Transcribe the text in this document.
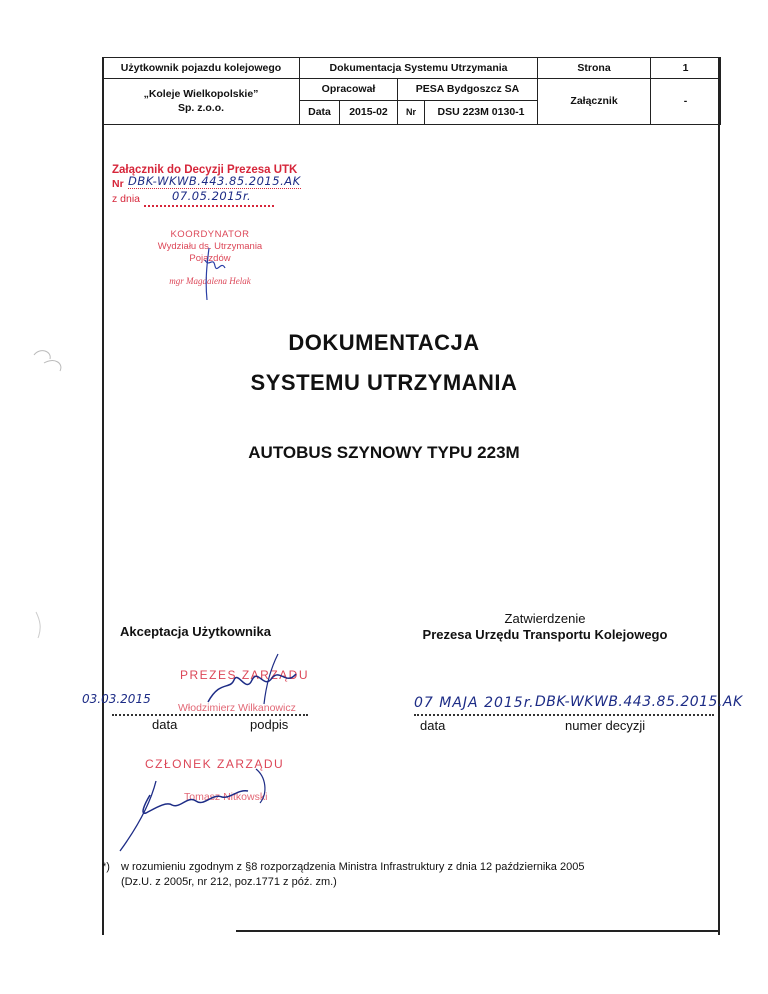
Użytkownik pojazdu kolejowego	Dokumentacja Systemu Utrzymania				Strona	1

„Koleje Wielkopolskie”
Sp. z.o.o.	Opracował		PESA Bydgoszcz SA		Załącznik	-
	Data	2015-02	Nr	DSU 223M 0130-1		
Załącznik do Decyzji Prezesa UTK
Nr DBK-WKWB.443.85.2015.AK
z dnia	07.05.2015r.
KOORDYNATOR
Wydziału ds. Utrzymania
Pojazdów
mgr Magdalena Helak
DOKUMENTACJA
SYSTEMU UTRZYMANIA
AUTOBUS SZYNOWY TYPU 223M
Akceptacja Użytkownika
Zatwierdzenie
Prezesa Urzędu Transportu Kolejowego
PREZES ZARZĄDU
03.03.2015
Włodzimierz Wilkanowicz
data	podpis
CZŁONEK ZARZĄDU
Tomasz Nitkowski
07 MAJA 2015r. DBK-WKWB.443.85.2015.AK
data	numer decyzji
*) w rozumieniu zgodnym z §8 rozporządzenia Ministra Infrastruktury z dnia 12 października 2005
(Dz.U. z 2005r, nr 212, poz.1771 z póź. zm.)
